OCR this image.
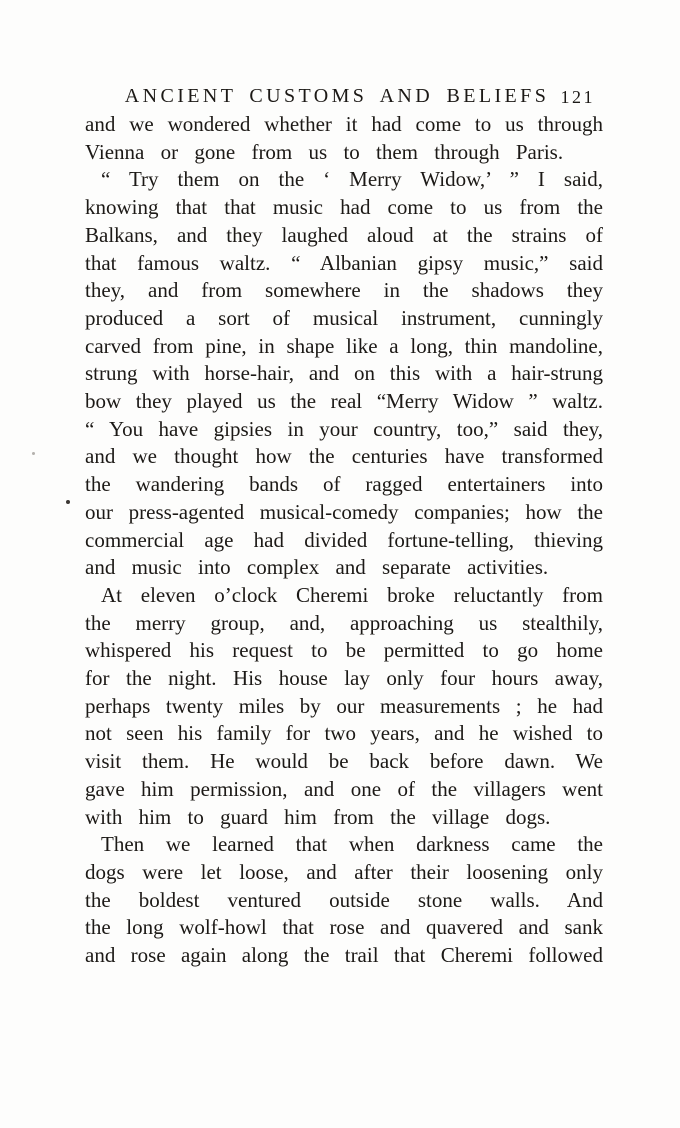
ANCIENT CUSTOMS AND BELIEFS 121
and we wondered whether it had come to us through
Vienna or gone from us to them through Paris.
“ Try them on the ‘ Merry Widow,’ ” I said,
knowing that that music had come to us from the
Balkans, and they laughed aloud at the strains of
that famous waltz. “ Albanian gipsy music,” said
they, and from somewhere in the shadows they
produced a sort of musical instrument, cunningly
carved from pine, in shape like a long, thin mandoline,
strung with horse-hair, and on this with a hair-strung
bow they played us the real “Merry Widow ” waltz.
“ You have gipsies in your country, too,” said they,
and we thought how the centuries have transformed
the wandering bands of ragged entertainers into
our press-agented musical-comedy companies; how the
commercial age had divided fortune-telling, thieving
and music into complex and separate activities.
At eleven o’clock Cheremi broke reluctantly from
the merry group, and, approaching us stealthily,
whispered his request to be permitted to go home
for the night. His house lay only four hours away,
perhaps twenty miles by our measurements ; he had
not seen his family for two years, and he wished to
visit them. He would be back before dawn. We
gave him permission, and one of the villagers went
with him to guard him from the village dogs.
Then we learned that when darkness came the
dogs were let loose, and after their loosening only
the boldest ventured outside stone walls. And
the long wolf-howl that rose and quavered and sank
and rose again along the trail that Cheremi followed
